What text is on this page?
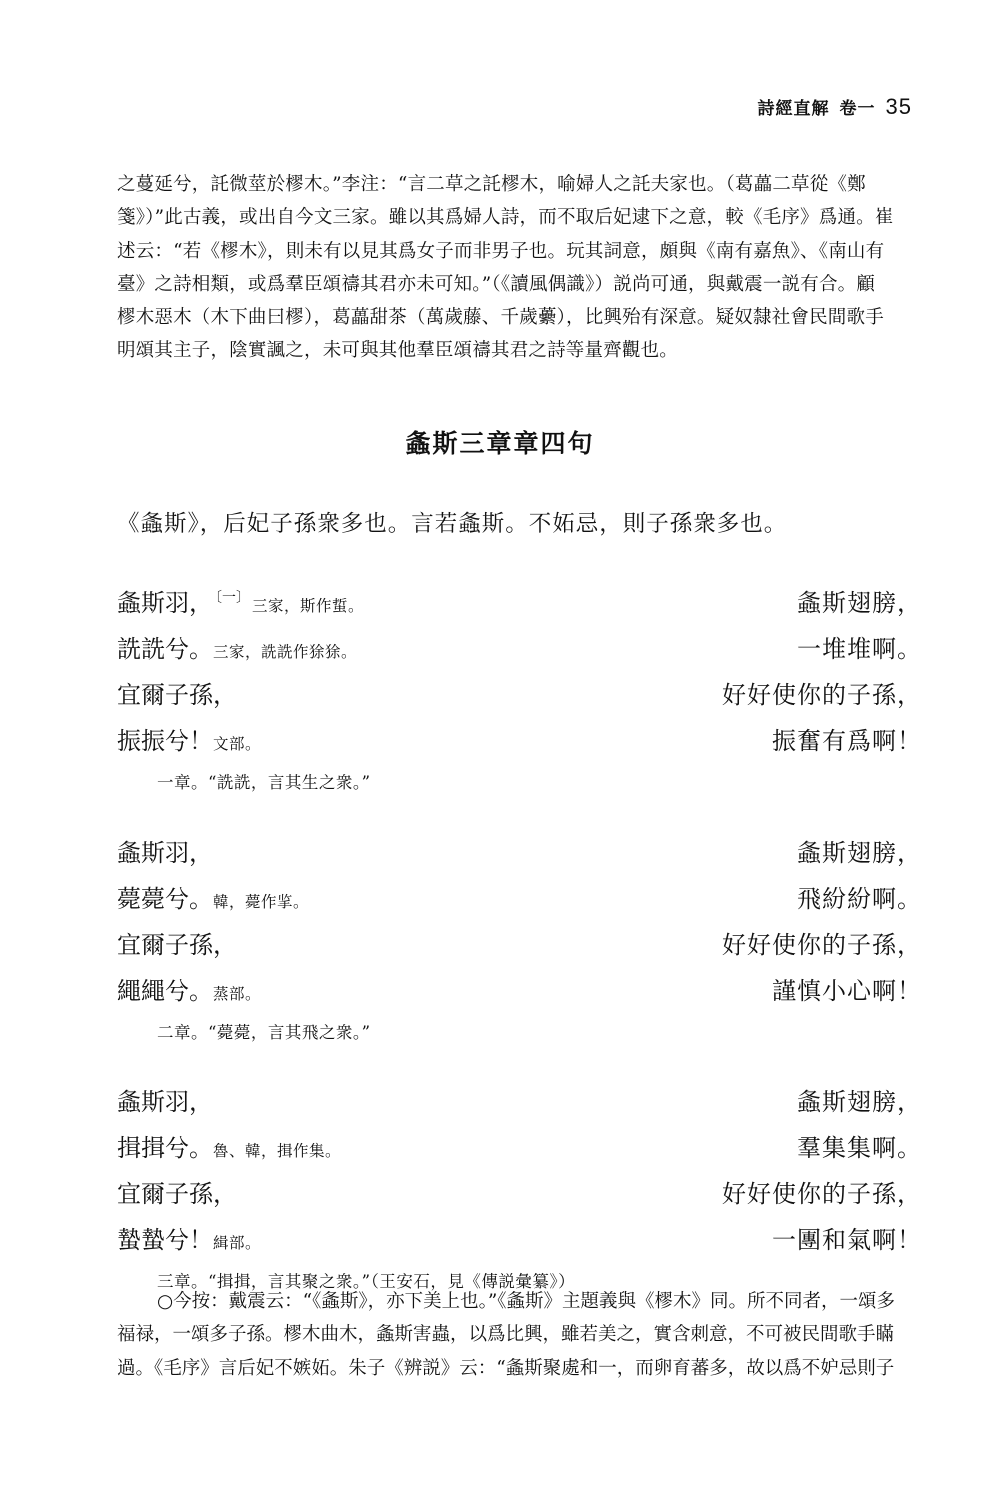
詩經直解 卷一 35
之蔓延兮，託微莖於樛木。”李注：“言二草之託樛木，喻婦人之託夫家也。（葛藟二草從《鄭
箋》）”此古義，或出自今文三家。雖以其爲婦人詩，而不取后妃逮下之意，較《毛序》爲通。崔
述云：“若《樛木》，則未有以見其爲女子而非男子也。玩其詞意，頗與《南有嘉魚》、《南山有
臺》之詩相類，或爲羣臣頌禱其君亦未可知。”（《讀風偶識》）説尚可通，與戴震一説有合。顧
樛木惡木（木下曲曰樛），葛藟甜茶（萬歲藤、千歲虆），比興殆有深意。疑奴隸社會民間歌手
明頌其主子，陰實諷之，未可與其他羣臣頌禱其君之詩等量齊觀也。
螽斯三章章四句
《螽斯》，后妃子孫衆多也。言若螽斯。不妬忌，則子孫衆多也。
螽斯羽， $^{〔一〕}$ 三家，斯作蜇。	螽斯翅膀，
詵詵兮。三家，詵詵作狳狳。	一堆堆啊。
宜爾子孫，	好好使你的子孫，
振振兮！文部。	振奮有爲啊！
一章。“詵詵，言其生之衆。”
螽斯羽，	螽斯翅膀，
薨薨兮。韓，薨作㧛。	飛紛紛啊。
宜爾子孫，	好好使你的子孫，
繩繩兮。蒸部。	謹慎小心啊！
二章。“薨薨，言其飛之衆。”
螽斯羽，	螽斯翅膀，
揖揖兮。魯、韓，揖作集。	羣集集啊。
宜爾子孫，	好好使你的子孫，
蟄蟄兮！緝部。	一團和氣啊！
三章。“揖揖，言其聚之衆。”（王安石，見《傳説彙纂》）
○今按：戴震云：“《螽斯》，亦下美上也。”《螽斯》主題義與《樛木》同。所不同者，一頌多
福禄，一頌多子孫。樛木曲木，螽斯害蟲，以爲比興，雖若美之，實含刺意，不可被民間歌手瞞
過。《毛序》言后妃不嫉妬。朱子《辨説》云：“螽斯聚處和一，而卵育蕃多，故以爲不妒忌則子
